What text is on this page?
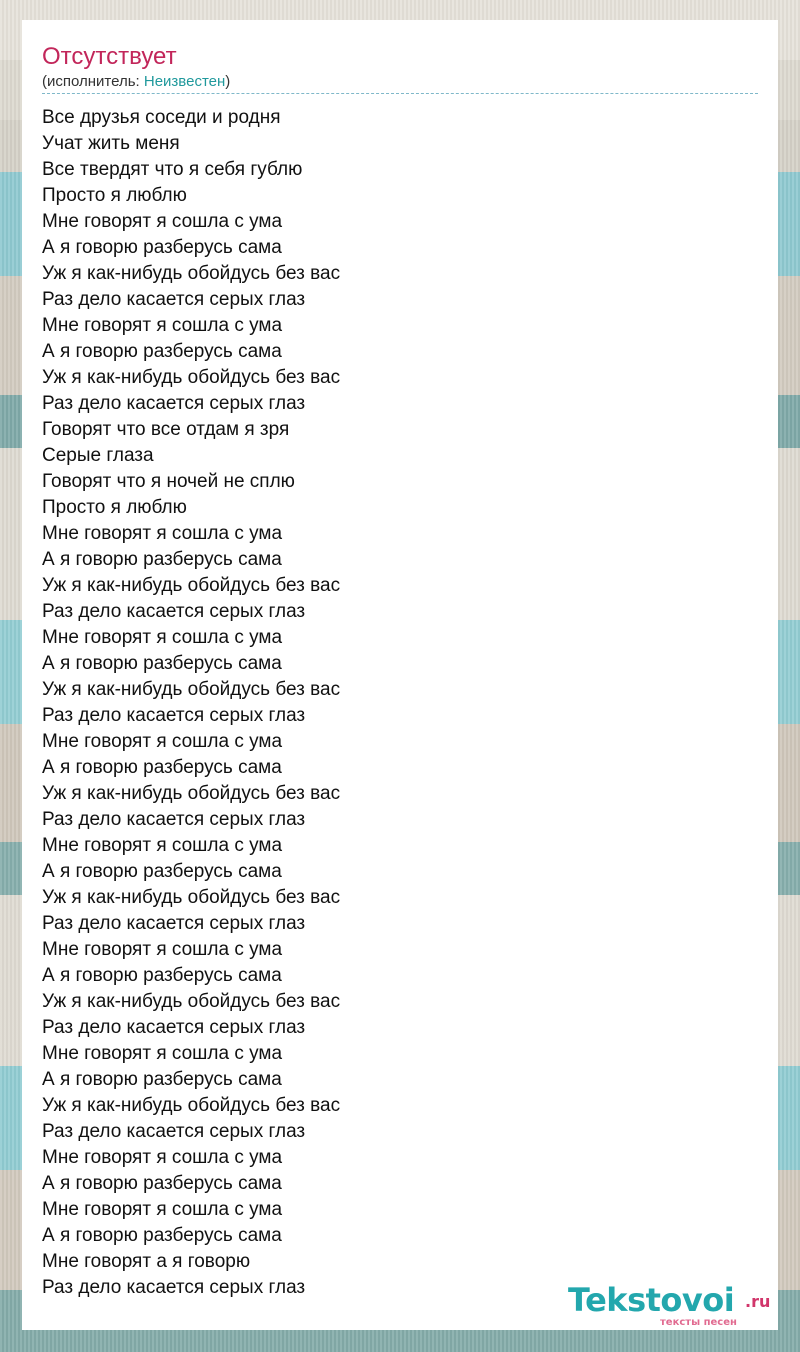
Отсутствует
(исполнитель: Неизвестен)
Все друзья соседи и родня
Учат жить меня
Все твердят что я себя гублю
Просто я люблю
Мне говорят я сошла с ума
А я говорю разберусь сама
Уж я как-нибудь обойдусь без вас
Раз дело касается серых глаз
Мне говорят я сошла с ума
А я говорю разберусь сама
Уж я как-нибудь обойдусь без вас
Раз дело касается серых глаз
Говорят что все отдам я зря
Серые глаза
Говорят что я ночей не сплю
Просто я люблю
Мне говорят я сошла с ума
А я говорю разберусь сама
Уж я как-нибудь обойдусь без вас
Раз дело касается серых глаз
Мне говорят я сошла с ума
А я говорю разберусь сама
Уж я как-нибудь обойдусь без вас
Раз дело касается серых глаз
Мне говорят я сошла с ума
А я говорю разберусь сама
Уж я как-нибудь обойдусь без вас
Раз дело касается серых глаз
Мне говорят я сошла с ума
А я говорю разберусь сама
Уж я как-нибудь обойдусь без вас
Раз дело касается серых глаз
Мне говорят я сошла с ума
А я говорю разберусь сама
Уж я как-нибудь обойдусь без вас
Раз дело касается серых глаз
Мне говорят я сошла с ума
А я говорю разберусь сама
Уж я как-нибудь обойдусь без вас
Раз дело касается серых глаз
Мне говорят я сошла с ума
А я говорю разберусь сама
Мне говорят я сошла с ума
А я говорю разберусь сама
Мне говорят а я говорю
Раз дело касается серых глаз	Tekstovoi .ru
тексты песен
